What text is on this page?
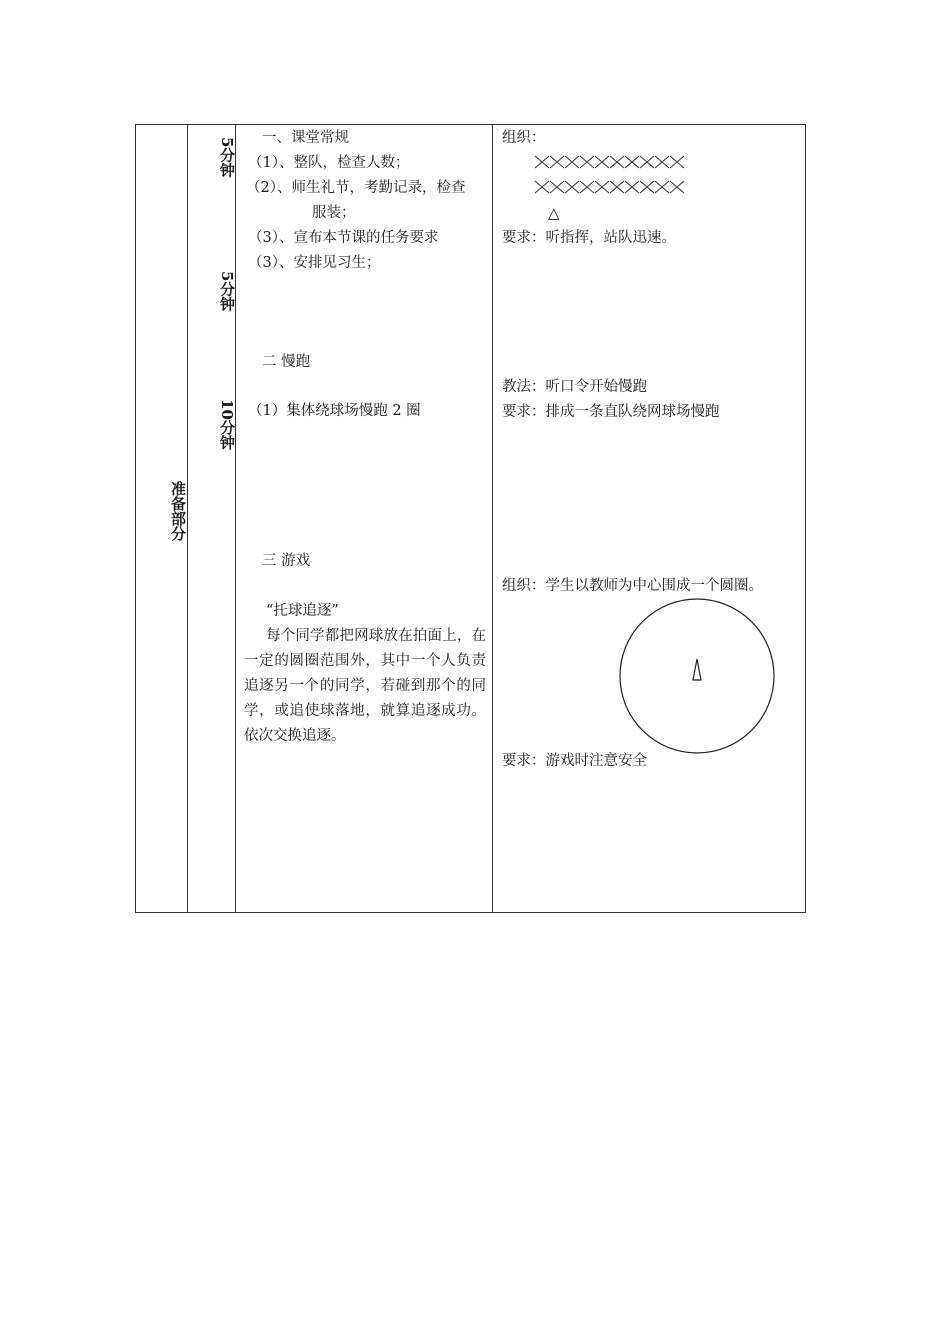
准备部分
5分钟
5分钟
10分钟
一、课堂常规
（1）、整队，检查人数；
（2）、师生礼节，考勤记录，检查
服装；
（3）、宣布本节课的任务要求
（3）、安排见习生；
二 慢跑
（1）集体绕球场慢跑 2 圈
三 游戏
“托球追逐”
每个同学都把网球放在拍面上，在一定的圆圈范围外，其中一个人负责追逐另一个的同学，若碰到那个的同学，或追使球落地，就算追逐成功。依次交换追逐。
组织：
△
要求：听指挥，站队迅速。
教法：听口令开始慢跑
要求：排成一条直队绕网球场慢跑
组织：学生以教师为中心围成一个圆圈。
要求：游戏时注意安全
